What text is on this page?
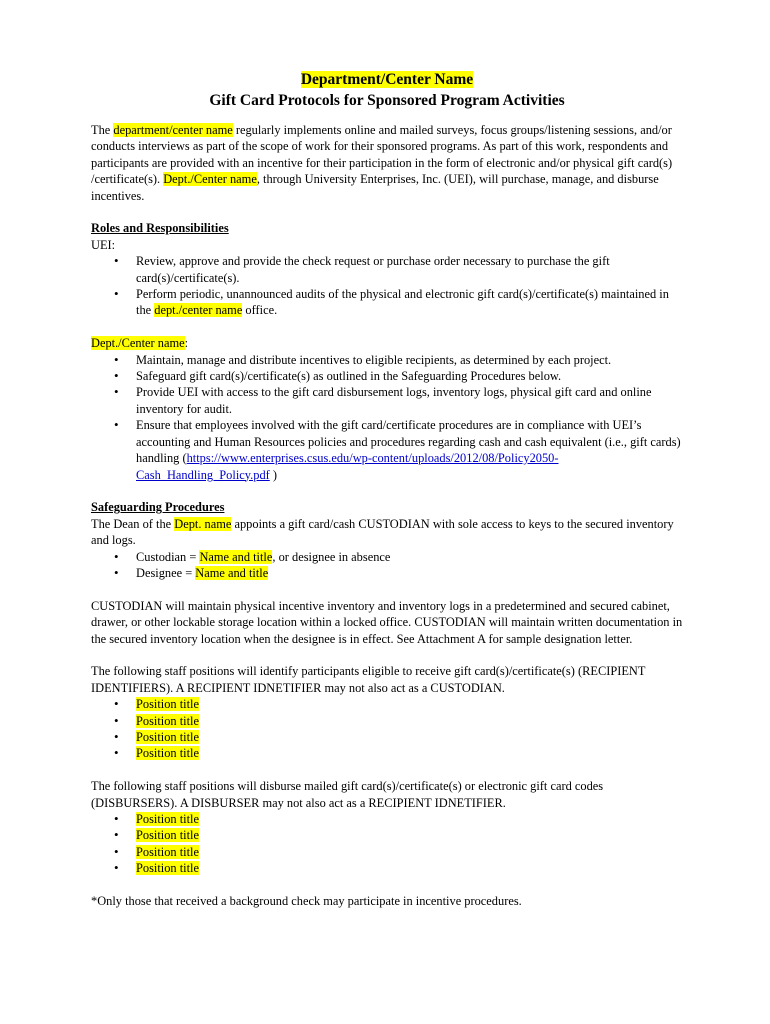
Department/Center Name
Gift Card Protocols for Sponsored Program Activities

The department/center name regularly implements online and mailed surveys, focus groups/listening sessions, and/or conducts interviews as part of the scope of work for their sponsored programs. As part of this work, respondents and participants are provided with an incentive for their participation in the form of electronic and/or physical gift card(s) /certificate(s). Dept./Center name, through University Enterprises, Inc. (UEI), will purchase, manage, and disburse incentives.

Roles and Responsibilities
UEI:
• Review, approve and provide the check request or purchase order necessary to purchase the gift card(s)/certificate(s).
• Perform periodic, unannounced audits of the physical and electronic gift card(s)/certificate(s) maintained in the dept./center name office.
Dept./Center name:
• Maintain, manage and distribute incentives to eligible recipients, as determined by each project.
• Safeguard gift card(s)/certificate(s) as outlined in the Safeguarding Procedures below.
• Provide UEI with access to the gift card disbursement logs, inventory logs, physical gift card and online inventory for audit.
• Ensure that employees involved with the gift card/certificate procedures are in compliance with UEI’s accounting and Human Resources policies and procedures regarding cash and cash equivalent (i.e., gift cards) handling (https://www.enterprises.csus.edu/wp-content/uploads/2012/08/Policy2050-Cash_Handling_Policy.pdf )
Safeguarding Procedures

The Dean of the Dept. name appoints a gift card/cash CUSTODIAN with sole access to keys to the secured inventory and logs.

• Custodian = Name and title, or designee in absence
• Designee = Name and title

CUSTODIAN will maintain physical incentive inventory and inventory logs in a predetermined and secured cabinet, drawer, or other lockable storage location within a locked office. CUSTODIAN will maintain written documentation in the secured inventory location when the designee is in effect. See Attachment A for sample designation letter.

The following staff positions will identify participants eligible to receive gift card(s)/certificate(s) (RECIPIENT IDENTIFIERS). A RECIPIENT IDNETIFIER may not also act as a CUSTODIAN.

• Position title
• Position title
• Position title
• Position title

The following staff positions will disburse mailed gift card(s)/certificate(s) or electronic gift card codes (DISBURSERS). A DISBURSER may not also act as a RECIPIENT IDNETIFIER.

• Position title
• Position title
• Position title
• Position title

*Only those that received a background check may participate in incentive procedures.
